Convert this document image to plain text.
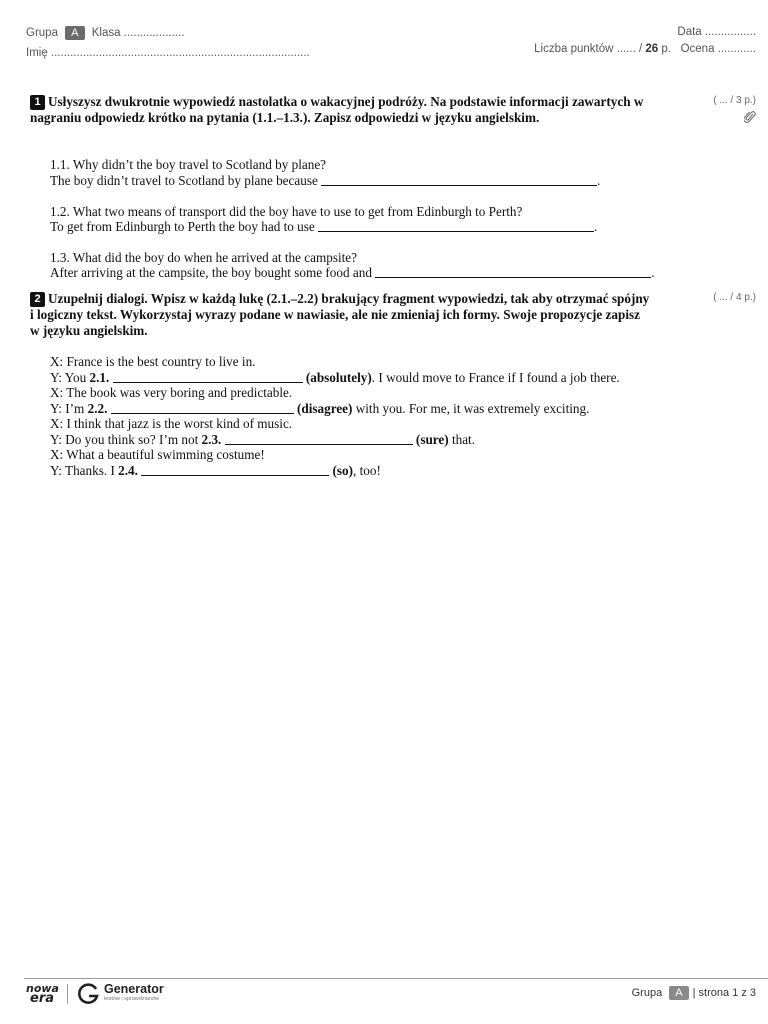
Grupa A Klasa ...................
Imię .................................................................................
Data ................
Liczba punktów ...... / 26 p. Ocena ............
1 Usłyszysz dwukrotnie wypowiedź nastolatka o wakacyjnej podróży. Na podstawie informacji zawartych w nagraniu odpowiedz krótko na pytania (1.1.–1.3.). Zapisz odpowiedzi w języku angielskim.
( ... / 3 p.)
1.1. Why didn’t the boy travel to Scotland by plane?
The boy didn’t travel to Scotland by plane because	.
1.2. What two means of transport did the boy have to use to get from Edinburgh to Perth?
To get from Edinburgh to Perth the boy had to use	.
1.3. What did the boy do when he arrived at the campsite?
After arriving at the campsite, the boy bought some food and	.
2 Uzupełnij dialogi. Wpisz w każdą lukę (2.1.–2.2) brakujący fragment wypowiedzi, tak aby otrzymać spójny i logiczny tekst. Wykorzystaj wyrazy podane w nawiasie, ale nie zmieniaj ich formy. Swoje propozycje zapisz w języku angielskim.
( ... / 4 p.)
X: France is the best country to live in.
Y: You 2.1.	(absolutely). I would move to France if I found a job there.
X: The book was very boring and predictable.
Y: I’m 2.2.	(disagree) with you. For me, it was extremely exciting.
X: I think that jazz is the worst kind of music.
Y: Do you think so? I’m not 2.3.	(sure) that.
X: What a beautiful swimming costume!
Y: Thanks. I 2.4.	(so), too!
nowa
era
Generator
testów i sprawdzianów	Grupa A | strona 1 z 3
